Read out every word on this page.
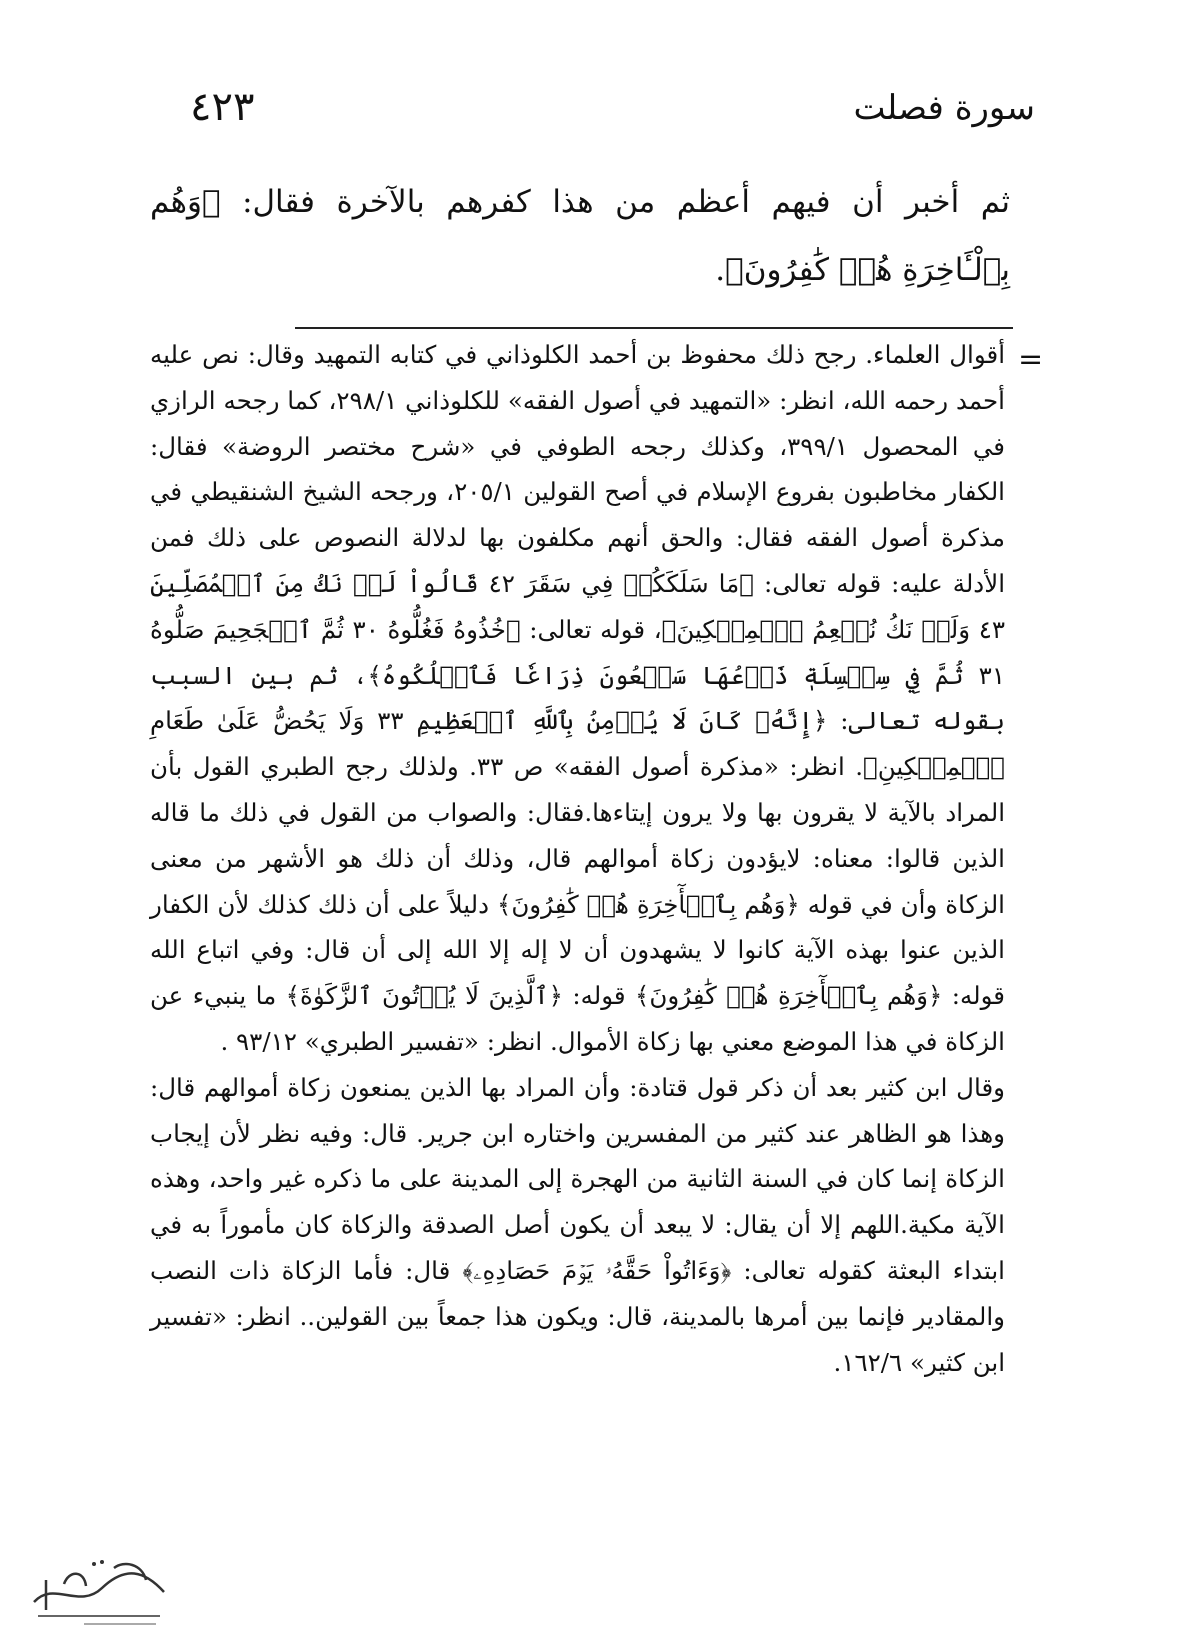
سورة فصلت
٤٢٣

ثم أخبر أن فيهم أعظم من هذا كفرهم بالآخرة فقال: ﴿وَهُم بِٱلْـَٔاخِرَةِ هُمۡ كَٰفِرُونَ﴾.

=

أقوال العلماء. رجح ذلك محفوظ بن أحمد الكلوذاني في كتابه التمهيد وقال: نص عليه أحمد رحمه الله، انظر: «التمهيد في أصول الفقه» للكلوذاني ٢٩٨/١، كما رجحه الرازي في المحصول ٣٩٩/١، وكذلك رجحه الطوفي في «شرح مختصر الروضة» فقال: الكفار مخاطبون بفروع الإسلام في أصح القولين ٢٠٥/١، ورجحه الشيخ الشنقيطي في مذكرة أصول الفقه فقال: والحق أنهم مكلفون بها لدلالة النصوص على ذلك فمن الأدلة عليه: قوله تعالى: ﴿مَا سَلَكَكُمۡ فِي سَقَرَ ٤٢ قَالُواْ لَمۡ نَكُ مِنَ ٱلۡمُصَلِّينَ ٤٣ وَلَمۡ نَكُ نُطۡعِمُ ٱلۡمِسۡكِينَ﴾، قوله تعالى: ﴿خُذُوهُ فَغُلُّوهُ ٣٠ ثُمَّ ٱلۡجَحِيمَ صَلُّوهُ ٣١ ثُمَّ فِي سِلۡسِلَةٖ ذَرۡعُهَا سَبۡعُونَ ذِرَاعٗا فَٱسۡلُكُوهُ﴾، ثم بين السبب بقوله تعالى: ﴿إِنَّهُۥ كَانَ لَا يُؤۡمِنُ بِٱللَّهِ ٱلۡعَظِيمِ ٣٣ وَلَا يَحُضُّ عَلَىٰ طَعَامِ ٱلۡمِسۡكِينِ﴾. انظر: «مذكرة أصول الفقه» ص ٣٣. ولذلك رجح الطبري القول بأن المراد بالآية لا يقرون بها ولا يرون إيتاءها.فقال: والصواب من القول في ذلك ما قاله الذين قالوا: معناه: لايؤدون زكاة أموالهم قال، وذلك أن ذلك هو الأشهر من معنى الزكاة وأن في قوله ﴿وَهُم بِٱلۡأٓخِرَةِ هُمۡ كَٰفِرُونَ﴾ دليلاً على أن ذلك كذلك لأن الكفار الذين عنوا بهذه الآية كانوا لا يشهدون أن لا إله إلا الله إلى أن قال: وفي اتباع الله قوله: ﴿وَهُم بِٱلۡأٓخِرَةِ هُمۡ كَٰفِرُونَ﴾ قوله: ﴿ٱلَّذِينَ لَا يُؤۡتُونَ ٱلزَّكَوٰةَ﴾ ما ينبيء عن الزكاة في هذا الموضع معني بها زكاة الأموال. انظر: «تفسير الطبري» ٩٣/١٢ .

وقال ابن كثير بعد أن ذكر قول قتادة: وأن المراد بها الذين يمنعون زكاة أموالهم قال: وهذا هو الظاهر عند كثير من المفسرين واختاره ابن جرير. قال: وفيه نظر لأن إيجاب الزكاة إنما كان في السنة الثانية من الهجرة إلى المدينة على ما ذكره غير واحد، وهذه الآية مكية.اللهم إلا أن يقال: لا يبعد أن يكون أصل الصدقة والزكاة كان مأموراً به في ابتداء البعثة كقوله تعالى: ﴿وَءَاتُواْ حَقَّهُۥ يَوۡمَ حَصَادِهِۦ﴾ قال: فأما الزكاة ذات النصب والمقادير فإنما بين أمرها بالمدينة، قال: ويكون هذا جمعاً بين القولين.. انظر: «تفسير ابن كثير» ١٦٢/٦.
